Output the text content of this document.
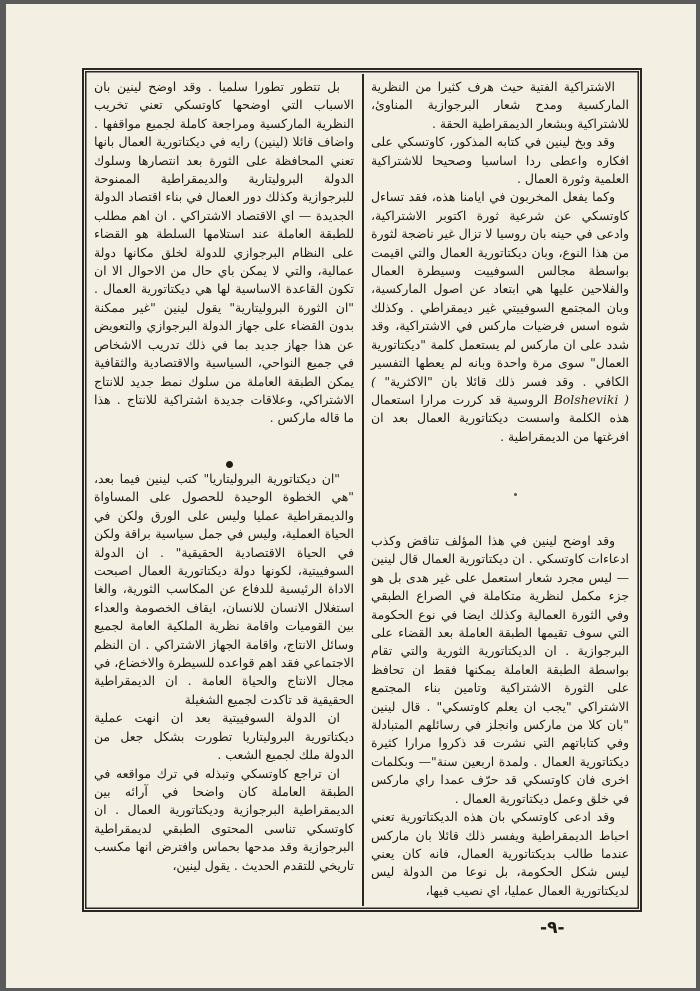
الاشتراكية الفتية حيث هرف كثيرا من النظرية الماركسية ومدح شعار البرجوازية المناوئ، للاشتراكية وبشعار الديمقراطية الحقة .

وقد وبخ لينين في كتابه المذكور، كاوتسكي على افكاره واعطى ردا اساسيا وصحيحا للاشتراكية العلمية وثورة العمال .

وكما يفعل المخربون في ايامنا هذه، فقد تساءل كاوتسكي عن شرعية ثورة اكتوبر الاشتراكية، وادعى في حينه بان روسيا لا تزال غير ناضجة لثورة من هذا النوع، وبان ديكتاتورية العمال والتي اقيمت بواسطة مجالس السوفييت وسيطرة العمال والفلاحين عليها هي ابتعاد عن اصول الماركسية، وبان المجتمع السوفييتي غير ديمقراطي . وكذلك شوه اسس فرضيات ماركس في الاشتراكية، وقد شدد على ان ماركس لم يستعمل كلمة "ديكتاتورية العمال" سوى مرة واحدة وبانه لم يعطها التفسير الكافي . وقد فسر ذلك قائلا بان "الاكثرية" ( Bolsheviki ) الروسية قد كررت مرارا استعمال هذه الكلمة واسست ديكتاتورية العمال بعد ان افرغتها من الديمقراطية .

وقد اوضح لينين في هذا المؤلف تناقض وكذب ادعاءات كاوتسكي . ان ديكتاتورية العمال قال لينين — ليس مجرد شعار استعمل على غير هدى بل هو جزء مكمل لنظرية متكاملة في الصراع الطبقي وفي الثورة العمالية وكذلك ايضا في نوع الحكومة التي سوف تقيمها الطبقة العاملة بعد القضاء على البرجوازية . ان الديكتاتورية الثورية والتي تقام بواسطة الطبقة العاملة يمكنها فقط ان تحافظ على الثورة الاشتراكية وتامين بناء المجتمع الاشتراكي "يجب ان يعلم كاوتسكي" . قال لينين "بان كلا من ماركس وانجلز في رسائلهم المتبادلة وفي كتاباتهم التي نشرت قد ذكروا مرارا كثيرة ديكتاتورية العمال . ولمدة اربعين سنة"— وبكلمات اخرى فان كاوتسكي قد حرّف عمدا راي ماركس في خلق وعمل ديكتاتورية العمال .

وقد ادعى كاوتسكي بان هذه الديكتاتورية تعني احباط الديمقراطية ويفسر ذلك قائلا بان ماركس عندما طالب بديكتاتورية العمال، فانه كان يعني ليس شكل الحكومة، بل نوعا من الدولة ليس لديكتاتورية العمال عمليا، اي نصيب فيها،

بل تتطور تطورا سلميا . وقد اوضح لينين بان الاسباب التي اوضحها كاوتسكي تعني تخريب النظرية الماركسية ومراجعة كاملة لجميع مواقفها . واضاف قائلا (لينين) رايه في ديكتاتورية العمال بانها تعني المحافظة على الثورة بعد انتصارها وسلوك الدولة البروليتارية والديمقراطية الممنوحة للبرجوازية وكذلك دور العمال في بناء اقتصاد الدولة الجديدة — اي الاقتصاد الاشتراكي . ان اهم مطلب للطبقة العاملة عند استلامها السلطة هو القضاء على النظام البرجوازي للدولة لخلق مكانها دولة عمالية، والتي لا يمكن باي حال من الاحوال الا ان تكون القاعدة الاساسية لها هي ديكتاتورية العمال . "ان الثورة البروليتارية" يقول لينين "غير ممكنة بدون القضاء على جهاز الدولة البرجوازي والتعويض عن هذا جهاز جديد بما في ذلك تدريب الاشخاص في جميع النواحي، السياسية والاقتصادية والثقافية يمكن الطبقة العاملة من سلوك نمط جديد للانتاج الاشتراكي، وعلاقات جديدة اشتراكية للانتاج . هذا ما قاله ماركس .

"ان ديكتاتورية البروليتاريا" كتب لينين فيما بعد، "هي الخطوة الوحيدة للحصول على المساواة والديمقراطية عمليا وليس على الورق ولكن في الحياة العملية، وليس في جمل سياسية براقة ولكن في الحياة الاقتصادية الحقيقية" . ان الدولة السوفييتية، لكونها دولة ديكتاتورية العمال اصبحت الاداة الرئيسية للدفاع عن المكاسب الثورية، والغا استغلال الانسان للانسان، ايقاف الخصومة والعداء بين القوميات واقامة نظرية الملكية العامة لجميع وسائل الانتاج، واقامة الجهاز الاشتراكي . ان النظم الاجتماعي فقد اهم قواعده للسيطرة والاخضاع، في مجال الانتاج والحياة العامة . ان الديمقراطية الحقيقية قد تاكدت لجميع الشغيلة

ان الدولة السوفييتية بعد ان انهت عملية ديكتاتورية البروليتاريا تطورت بشكل جعل من الدولة ملك لجميع الشعب .

ان تراجع كاوتسكي وتبذله في ترك مواقعه في الطبقة العاملة كان واضحا في آرائه بين الديمقراطية البرجوازية وديكتاتورية العمال . ان كاوتسكي تناسى المحتوى الطبقي لديمقراطية البرجوازية وقد مدحها بحماس وافترض انها مكسب تاريخي للتقدم الحديث . يقول لينين،

-٩-
